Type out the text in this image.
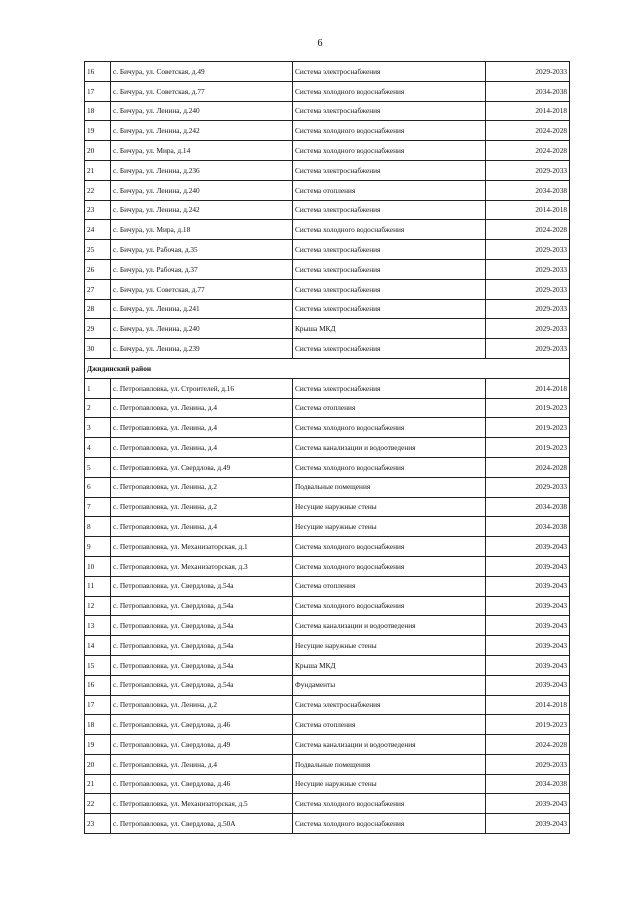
6
16	с. Бичура, ул. Советская, д.49	Система электроснабжения	2029-2033
17	с. Бичура, ул. Советская, д.77	Система холодного водоснабжения	2034-2038
18	с. Бичура, ул. Ленина, д.240	Система электроснабжения	2014-2018
19	с. Бичура, ул. Ленина, д.242	Система холодного водоснабжения	2024-2028
20	с. Бичура, ул. Мира, д.14	Система холодного водоснабжения	2024-2028
21	с. Бичура, ул. Ленина, д.236	Система электроснабжения	2029-2033
22	с. Бичура, ул. Ленина, д.240	Система отопления	2034-2038
23	с. Бичура, ул. Ленина, д.242	Система электроснабжения	2014-2018
24	с. Бичура, ул. Мира, д.18	Система холодного водоснабжения	2024-2028
25	с. Бичура, ул. Рабочая, д.35	Система электроснабжения	2029-2033
26	с. Бичура, ул. Рабочая, д.37	Система электроснабжения	2029-2033
27	с. Бичура, ул. Советская, д.77	Система электроснабжения	2029-2033
28	с. Бичура, ул. Ленина, д.241	Система электроснабжения	2029-2033
29	с. Бичура, ул. Ленина, д.240	Крыша МКД	2029-2033
30	с. Бичура, ул. Ленина, д.239	Система электроснабжения	2029-2033
Джидинский район			
1	с. Петропавловка, ул. Строителей, д.16	Система электроснабжения	2014-2018
2	с. Петропавловка, ул. Ленина, д.4	Система отопления	2019-2023
3	с. Петропавловка, ул. Ленина, д.4	Система холодного водоснабжения	2019-2023
4	с. Петропавловка, ул. Ленина, д.4	Система канализации и водоотведения	2019-2023
5	с. Петропавловка, ул. Свердлова, д.49	Система холодного водоснабжения	2024-2028
6	с. Петропавловка, ул. Ленина, д.2	Подвальные помещения	2029-2033
7	с. Петропавловка, ул. Ленина, д.2	Несущие наружные стены	2034-2038
8	с. Петропавловка, ул. Ленина, д.4	Несущие наружные стены	2034-2038
9	с. Петропавловка, ул. Механизаторская, д.1	Система холодного водоснабжения	2039-2043
10	с. Петропавловка, ул. Механизаторская, д.3	Система холодного водоснабжения	2039-2043
11	с. Петропавловка, ул. Свердлова, д.54а	Система отопления	2039-2043
12	с. Петропавловка, ул. Свердлова, д.54а	Система холодного водоснабжения	2039-2043
13	с. Петропавловка, ул. Свердлова, д.54а	Система канализации и водоотведения	2039-2043
14	с. Петропавловка, ул. Свердлова, д.54а	Несущие наружные стены	2039-2043
15	с. Петропавловка, ул. Свердлова, д.54а	Крыша МКД	2039-2043
16	с. Петропавловка, ул. Свердлова, д.54а	Фундаменты	2039-2043
17	с. Петропавловка, ул. Ленина, д.2	Система электроснабжения	2014-2018
18	с. Петропавловка, ул. Свердлова, д.46	Система отопления	2019-2023
19	с. Петропавловка, ул. Свердлова, д.49	Система канализации и водоотведения	2024-2028
20	с. Петропавловка, ул. Ленина, д.4	Подвальные помещения	2029-2033
21	с. Петропавловка, ул. Свердлова, д.46	Несущие наружные стены	2034-2038
22	с. Петропавловка, ул. Механизаторская, д.5	Система холодного водоснабжения	2039-2043
23	с. Петропавловка, ул. Свердлова, д.50А	Система холодного водоснабжения	2039-2043
